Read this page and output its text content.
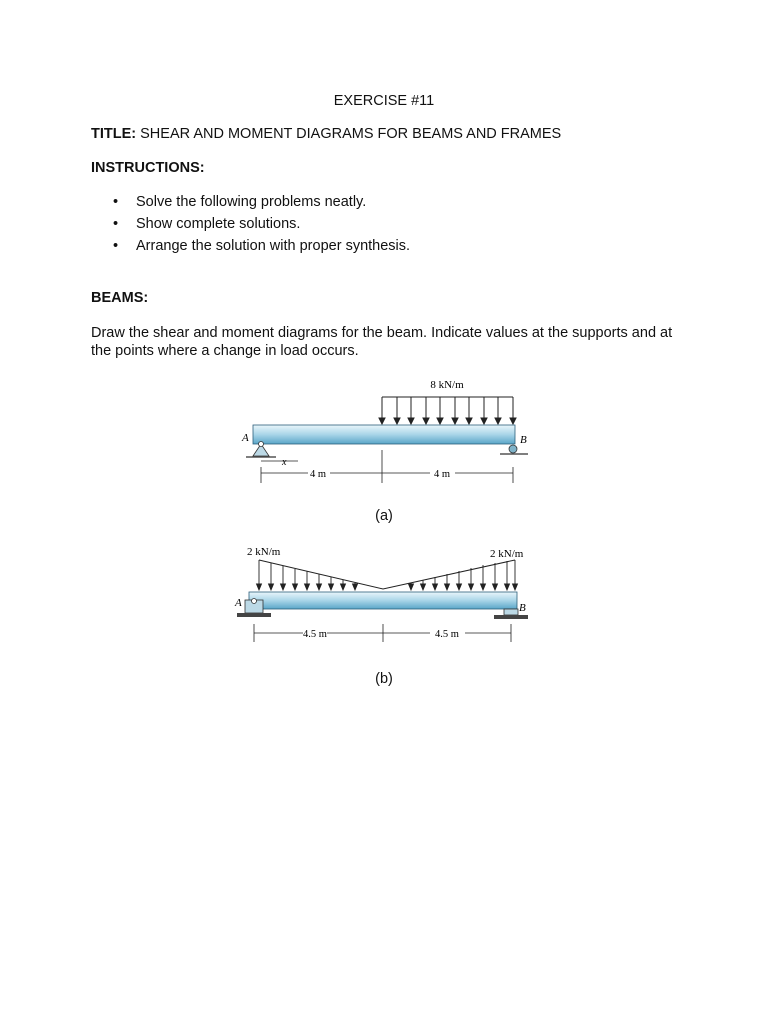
EXERCISE #11
TITLE: SHEAR AND MOMENT DIAGRAMS FOR BEAMS AND FRAMES
INSTRUCTIONS:
• Solve the following problems neatly.
• Show complete solutions.
• Arrange the solution with proper synthesis.
BEAMS:
Draw the shear and moment diagrams for the beam. Indicate values at the supports and at the points where a change in load occurs.
8 kN/m
A	B
x
4 m	4 m
(a)
2 kN/m	2 kN/m
A	B
4.5 m	4.5 m
(b)
